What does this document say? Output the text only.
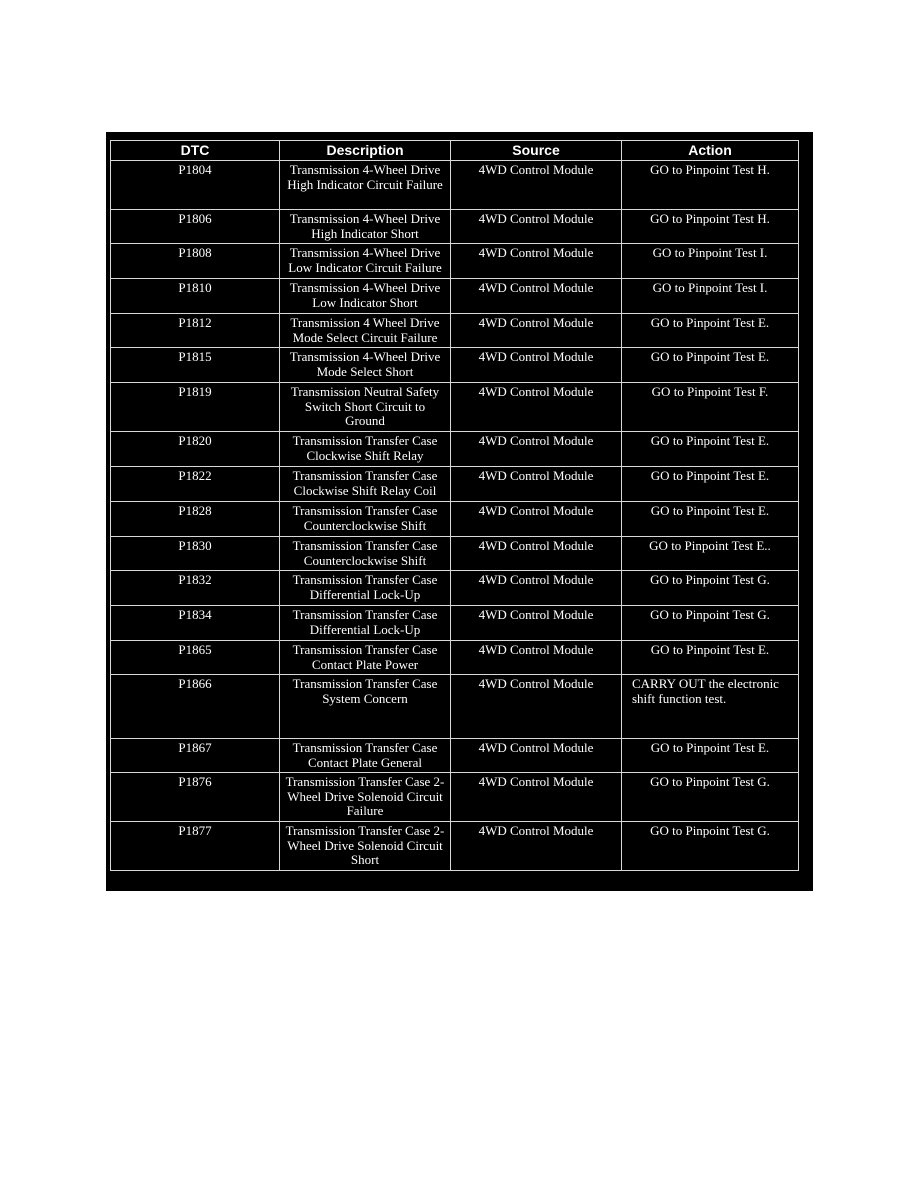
DTC	Description	Source	Action
P1804	Transmission 4-Wheel Drive High Indicator Circuit Failure	4WD Control Module	GO to Pinpoint Test H.
P1806	Transmission 4-Wheel Drive High Indicator Short	4WD Control Module	GO to Pinpoint Test H.
P1808	Transmission 4-Wheel Drive Low Indicator Circuit Failure	4WD Control Module	GO to Pinpoint Test I.
P1810	Transmission 4-Wheel Drive Low Indicator Short	4WD Control Module	GO to Pinpoint Test I.
P1812	Transmission 4 Wheel Drive Mode Select Circuit Failure	4WD Control Module	GO to Pinpoint Test E.
P1815	Transmission 4-Wheel Drive Mode Select Short	4WD Control Module	GO to Pinpoint Test E.
P1819	Transmission Neutral Safety Switch Short Circuit to Ground	4WD Control Module	GO to Pinpoint Test F.
P1820	Transmission Transfer Case Clockwise Shift Relay	4WD Control Module	GO to Pinpoint Test E.
P1822	Transmission Transfer Case Clockwise Shift Relay Coil	4WD Control Module	GO to Pinpoint Test E.
P1828	Transmission Transfer Case Counterclockwise Shift	4WD Control Module	GO to Pinpoint Test E.
P1830	Transmission Transfer Case Counterclockwise Shift	4WD Control Module	GO to Pinpoint Test E..
P1832	Transmission Transfer Case Differential Lock-Up	4WD Control Module	GO to Pinpoint Test G.
P1834	Transmission Transfer Case Differential Lock-Up	4WD Control Module	GO to Pinpoint Test G.
P1865	Transmission Transfer Case Contact Plate Power	4WD Control Module	GO to Pinpoint Test E.
P1866	Transmission Transfer Case System Concern	4WD Control Module	CARRY OUT the electronic shift function test.
P1867	Transmission Transfer Case Contact Plate General	4WD Control Module	GO to Pinpoint Test E.
P1876	Transmission Transfer Case 2-Wheel Drive Solenoid Circuit Failure	4WD Control Module	GO to Pinpoint Test G.
P1877	Transmission Transfer Case 2-Wheel Drive Solenoid Circuit Short	4WD Control Module	GO to Pinpoint Test G.
